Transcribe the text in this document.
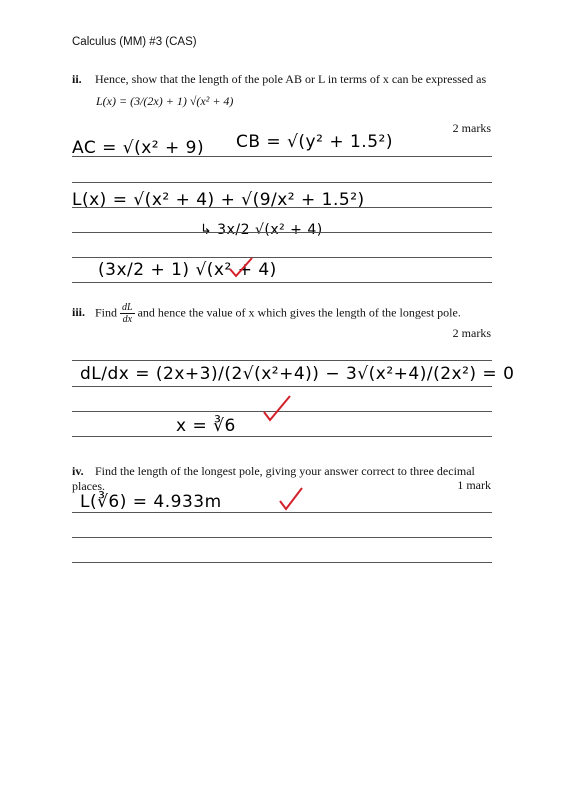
Calculus (MM) #3 (CAS)
ii. Hence, show that the length of the pole AB or L in terms of x can be expressed as
L(x) = (3/(2x) + 1) √(x² + 4)
2 marks
AC = √(x² + 9) CB = √(y² + 1.5²)
L(x) = √(x² + 4) + √(9/x² + 1.5²)
↳ 3x/2 √(x² + 4)
(3x/2 + 1) √(x² + 4)
iii. Find $\frac{dL}{dx}$ and hence the value of x which gives the length of the longest pole.
2 marks
dL/dx = (2x+3)/(2√(x²+4)) − 3√(x²+4)/(2x²) = 0
x = ∛6
iv. Find the length of the longest pole, giving your answer correct to three decimal places.	1 mark
L(∛6) = 4.933m
